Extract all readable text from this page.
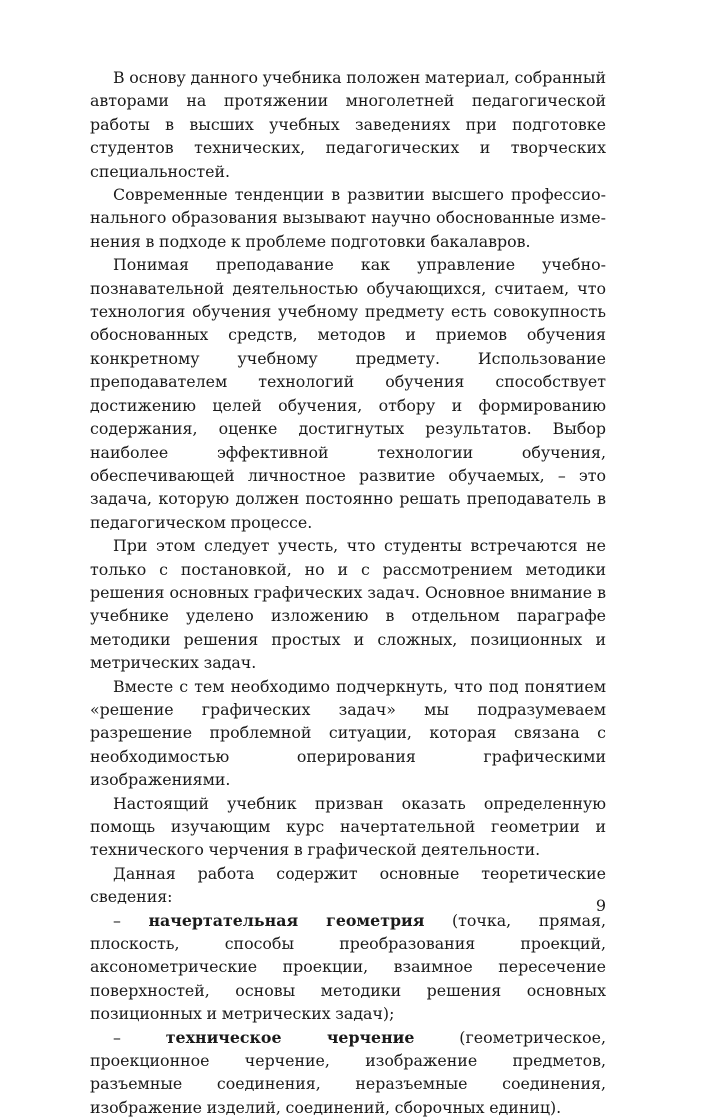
В основу данного учебника положен материал, собранный авторами на протяжении многолетней педагогической работы в высших учебных заведениях при подготовке студентов технических, педагогических и творческих специальностей.

Современные тенденции в развитии высшего профессионального образования вызывают научно обоснованные изменения в подходе к проблеме подготовки бакалавров.

Понимая преподавание как управление учебно-познавательной деятельностью обучающихся, считаем, что технология обучения учебному предмету есть совокупность обоснованных средств, методов и приемов обучения конкретному учебному предмету. Использование преподавателем технологий обучения способствует достижению целей обучения, отбору и формированию содержания, оценке достигнутых результатов. Выбор наиболее эффективной технологии обучения, обеспечивающей личностное развитие обучаемых, – это задача, которую должен постоянно решать преподаватель в педагогическом процессе.

При этом следует учесть, что студенты встречаются не только с постановкой, но и с рассмотрением методики решения основных графических задач. Основное внимание в учебнике уделено изложению в отдельном параграфе методики решения простых и сложных, позиционных и метрических задач.

Вместе с тем необходимо подчеркнуть, что под понятием «решение графических задач» мы подразумеваем разрешение проблемной ситуации, которая связана с необходимостью оперирования графическими изображениями.

Настоящий учебник призван оказать определенную помощь изучающим курс начертательной геометрии и технического черчения в графической деятельности.

Данная работа содержит основные теоретические сведения:

– начертательная геометрия (точка, прямая, плоскость, способы преобразования проекций, аксонометрические проекции, взаимное пересечение поверхностей, основы методики решения основных позиционных и метрических задач);

–	техническое черчение (геометрическое, проекционное черчение, изображение предметов, разъемные соединения, неразъемные соединения, изображение изделий, соединений, сборочных единиц).

9
